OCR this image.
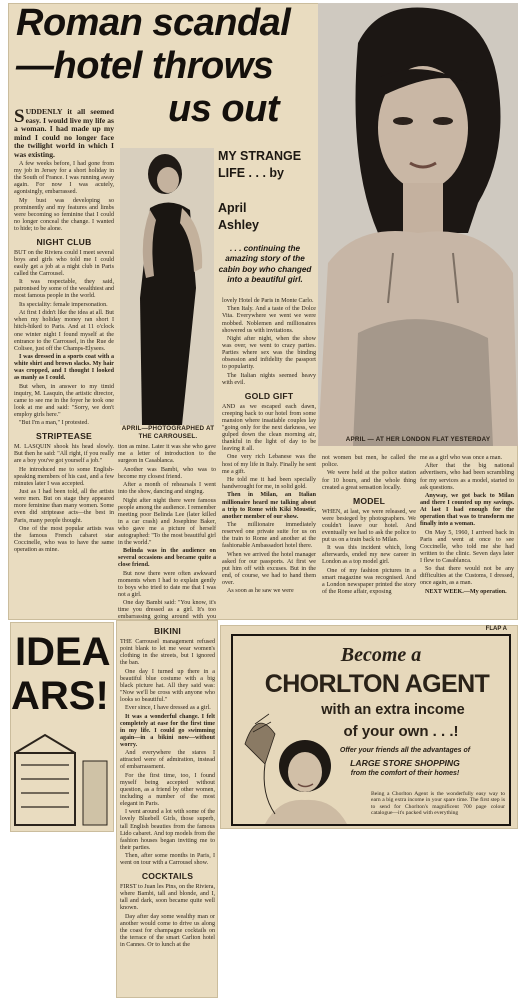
Roman scandal
—hotel throws
us out
APRIL — AT HER LONDON FLAT YESTERDAY
MY STRANGE LIFE . . . by
April
Ashley
. . . continuing the amazing story of the cabin boy who changed into a beautiful girl.
APRIL—PHOTOGRAPHED AT THE CARROUSEL.

SUDDENLY it all seemed easy. I would live my life as a woman. I had made up my mind I could no longer face the twilight world in which I was existing.

A few weeks before, I had gone from my job in Jersey for a short holiday in the South of France. I was running away again. For now I was acutely, agonisingly, embarrassed.

My bust was developing so prominently and my features and limbs were becoming so feminine that I could no longer conceal the change. I wanted to hide; to be alone.

NIGHT CLUB

BUT on the Riviera could I meet several boys and girls who told me I could easily get a job at a night club in Paris called the Carrousel.

It was respectable, they said, patronised by some of the wealthiest and most famous people in the world.

Its speciality: female impersonation.

At first I didn't like the idea at all. But when my holiday money ran short I hitch-hiked to Paris. And at 11 o'clock one winter night I found myself at the entrance to the Carrousel, in the Rue de Colisee, just off the Champs-Elysees.

I was dressed in a sports coat with a white shirt and brown slacks. My hair was cropped, and I thought I looked as manly as I could.

But when, in answer to my timid inquiry, M. Lasquin, the artistic director, came to see me in the foyer he took one look at me and said: "Sorry, we don't employ girls here."

"But I'm a man," I protested.

STRIPTEASE

M. LASQUIN shook his head slowly. But then he said: "All right, if you really are a boy you've got yourself a job."

He introduced me to some English-speaking members of his cast, and a few minutes later I was accepted.

Just as I had been told, all the artists were men. But on stage they appeared more feminine than many women. Some even did striptease acts—the best in Paris, many people thought.

One of the most popular artists was the famous French cabaret star Coccinelle, who was to have the same operation as mine.

tion as mine. Later it was she who gave me a letter of introduction to the surgeon in Casablanca.

Another was Bambi, who was to become my closest friend.

After a month of rehearsals I went into the show, dancing and singing.

Night after night there were famous people among the audience. I remember meeting poor Belinda Lee (later killed in a car crash) and Josephine Baker, who gave me a picture of herself autographed: "To the most beautiful girl in the world."

Belinda was in the audience on several occasions and became quite a close friend.

But now there were often awkward moments when I had to explain gently to boys who tried to date me that I was not a girl.

One day Bambi said: "You know, it's time you dressed as a girl. It's too embarrassing going around with you

lovely Hotel de Paris in Monte Carlo.

Then Italy. And a taste of the Dolce Vita. Everywhere we went we were mobbed. Noblemen and millionaires showered us with invitations.

Night after night, when the show was over, we went to crazy parties. Parties where sex was the binding obsession and infidelity the passport to popularity.

The Italian nights seemed heavy with evil.

GOLD GIFT

AND as we escaped each dawn, creeping back to our hotel from some mansion where insatiable couples lay "going only for the next darkness, we gulped down the clean morning air, thankful in the light of day to be leaving it all.

One very rich Lebanese was the host of my life in Italy. Finally he sent me a gift.

He told me it had been specially handwrought for me, in solid gold.

Then in Milan, an Italian millionaire heard me talking about a trip to Rome with Kiki Moustic, another member of our show.

The millionaire immediately reserved one private suite for us on the train to Rome and another at the fashionable Ambassadori hotel there.

When we arrived the hotel manager asked for our passports. At first we put him off with excuses. But in the end, of course, we had to hand them over.

As soon as he saw we were

not women but men, he called the police.

We were held at the police station for 10 hours, and the whole thing created a great sensation locally.

MODEL

WHEN, at last, we were released, we were besieged by photographers. We couldn't leave our hotel. And eventually we had to ask the police to put us on a train back to Milan.

It was this incident which, long afterwards, ended my new career in London as a top model girl.

One of my fashion pictures in a smart magazine was recognised. And a London newspaper printed the story of the Rome affair, exposing

me as a girl who was once a man.

After that the big national advertisers, who had been scrambling for my services as a model, started to ask questions.

Anyway, we got back to Milan and there I counted up my savings. At last I had enough for the operation that was to transform me finally into a woman.

On May 5, 1960, I arrived back in Paris and went at once to see Coccinelle, who told me she had written to the clinic. Seven days later I flew to Casablanca.

So that there would not be any difficulties at the Customs, I dressed, once again, as a man.

NEXT WEEK.—My operation.

IDEA
ARS!
BIKINI

THE Carrousel management refused point blank to let me wear women's clothing in the streets, but I ignored the ban.

One day I turned up there in a beautiful blue costume with a big black picture hat. All they said was: "Now we'll be cross with anyone who looks so beautiful."

Ever since, I have dressed as a girl.

It was a wonderful change. I felt completely at ease for the first time in my life. I could go swimming again—in a bikini now—without worry.

And everywhere the stares I attracted were of admiration, instead of embarrassment.

For the first time, too, I found myself being accepted without question, as a friend by other women, including a number of the most elegant in Paris.

I went around a lot with some of the lovely Bluebell Girls, those superb, tall English beauties from the famous Lido cabaret. And top models from the fashion houses began inviting me to their parties.

Then, after some months in Paris, I went on tour with a Carrousel show.

COCKTAILS

FIRST to Juan les Pins, on the Riviera, where Bambi, tall and blonde, and I, tall and dark, soon became quite well known.

Day after day some wealthy man or another would come to drive us along the coast for champagne cocktails on the terrace of the smart Carlton hotel in Cannes. Or to lunch at the

FLAP A
Become a
CHORLTON AGENT
with an extra income
of your own . . .!
Offer your friends all the advantages of
LARGE STORE SHOPPING
from the comfort of their homes!

Being a Chorlton Agent is the wonderfully easy way to earn a big extra income in your spare time. The first step is to send for Chorlton's magnificent 700 page colour catalogue—it's packed with everything
